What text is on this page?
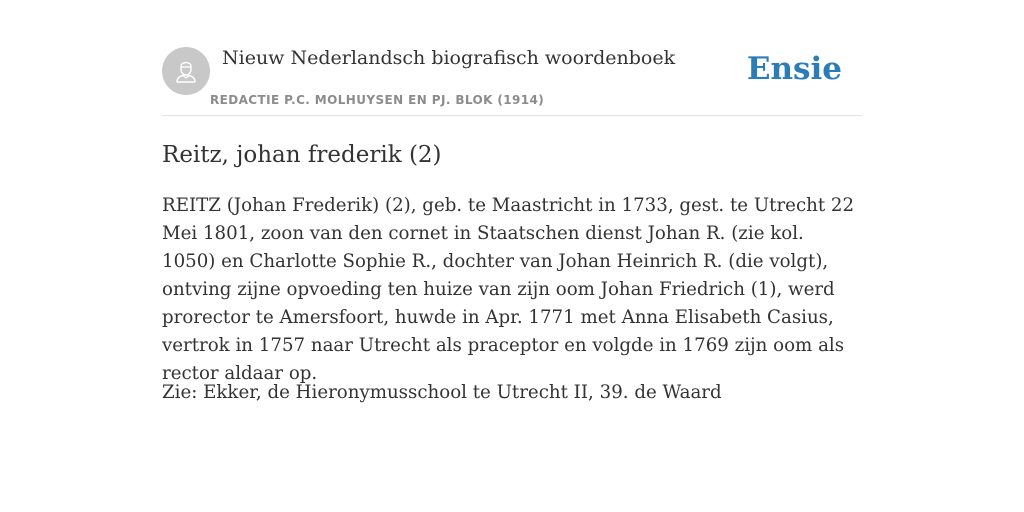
Nieuw Nederlandsch biografisch woordenboek
REDACTIE P.C. MOLHUYSEN EN PJ. BLOK (1914)
Ensie
Reitz, johan frederik (2)

REITZ (Johan Frederik) (2), geb. te Maastricht in 1733, gest. te Utrecht 22 Mei 1801, zoon van den cornet in Staatschen dienst Johan R. (zie kol. 1050) en Charlotte Sophie R., dochter van Johan Heinrich R. (die volgt), ontving zijne opvoeding ten huize van zijn oom Johan Friedrich (1), werd prorector te Amersfoort, huwde in Apr. 1771 met Anna Elisabeth Casius, vertrok in 1757 naar Utrecht als praceptor en volgde in 1769 zijn oom als rector aldaar op.

Zie: Ekker, de Hieronymusschool te Utrecht II, 39. de Waard
